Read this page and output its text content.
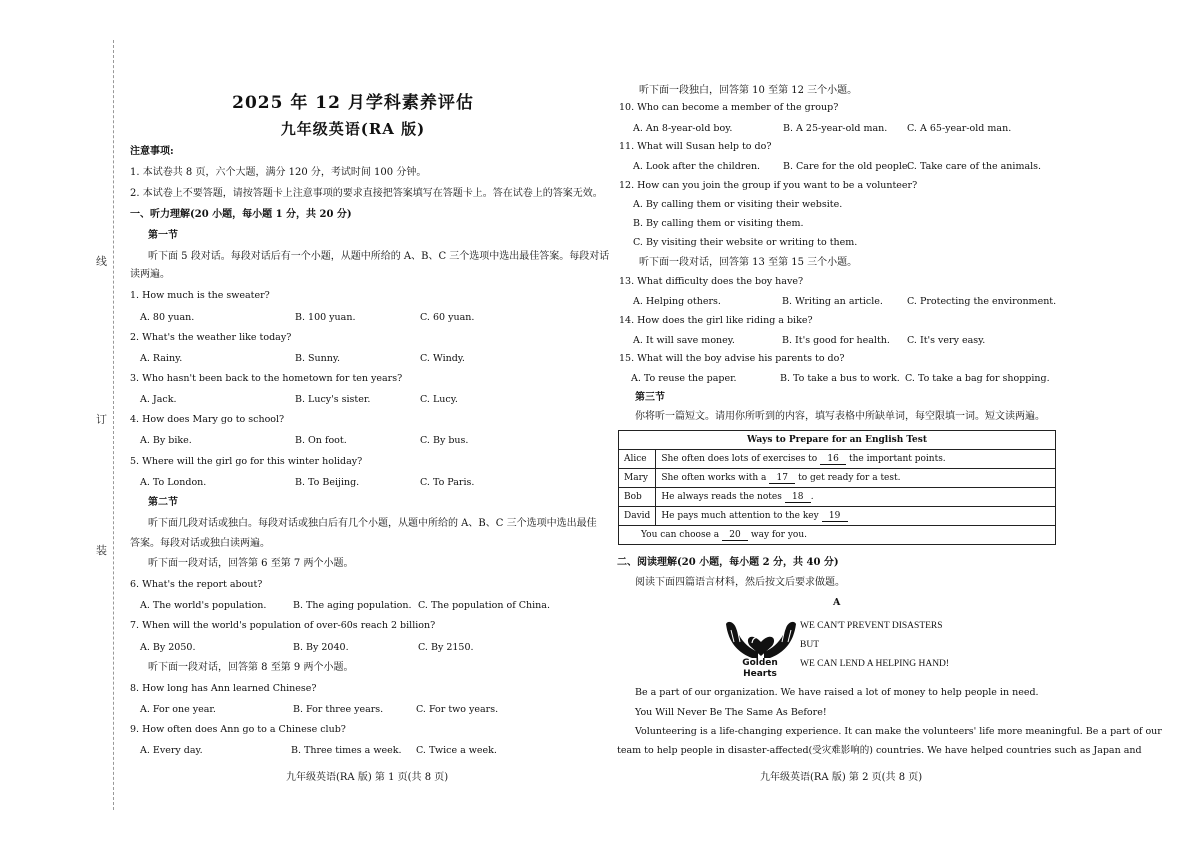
线
订
装
2025 年 12 月学科素养评估
九年级英语(RA 版)
注意事项:
1. 本试卷共 8 页，六个大题，满分 120 分，考试时间 100 分钟。
2. 本试卷上不要答题，请按答题卡上注意事项的要求直接把答案填写在答题卡上。答在试卷上的答案无效。
一、听力理解(20 小题，每小题 1 分，共 20 分)
第一节
听下面 5 段对话。每段对话后有一个小题，从题中所给的 A、B、C 三个选项中选出最佳答案。每段对话
读两遍。
1. How much is the sweater?
A. 80 yuan.	B. 100 yuan.	C. 60 yuan.
2. What's the weather like today?
A. Rainy.	B. Sunny.	C. Windy.
3. Who hasn't been back to the hometown for ten years?
A. Jack.	B. Lucy's sister.	C. Lucy.
4. How does Mary go to school?
A. By bike.	B. On foot.	C. By bus.
5. Where will the girl go for this winter holiday?
A. To London.	B. To Beijing.	C. To Paris.
第二节
听下面几段对话或独白。每段对话或独白后有几个小题，从题中所给的 A、B、C 三个选项中选出最佳
答案。每段对话或独白读两遍。
听下面一段对话，回答第 6 至第 7 两个小题。
6. What's the report about?
A. The world's population.	B. The aging population. C. The population of China.
7. When will the world's population of over-60s reach 2 billion?
A. By 2050.	B. By 2040.	C. By 2150.
听下面一段对话，回答第 8 至第 9 两个小题。
8. How long has Ann learned Chinese?
A. For one year.	B. For three years.	C. For two years.
9. How often does Ann go to a Chinese club?
A. Every day.	B. Three times a week. C. Twice a week.
九年级英语(RA 版) 第 1 页(共 8 页)
听下面一段独白，回答第 10 至第 12 三个小题。
10. Who can become a member of the group?
A. An 8-year-old boy.	B. A 25-year-old man. C. A 65-year-old man.
11. What will Susan help to do?
A. Look after the children. B. Care for the old people.
C. Take care of the animals.
12. How can you join the group if you want to be a volunteer?
A. By calling them or visiting their website.
B. By calling them or visiting them.
C. By visiting their website or writing to them.
听下面一段对话，回答第 13 至第 15 三个小题。
13. What difficulty does the boy have?
A. Helping others.	B. Writing an article.	C. Protecting the environment.
14. How does the girl like riding a bike?
A. It will save money.	B. It's good for health. C. It's very easy.
15. What will the boy advise his parents to do?
A. To reuse the paper.	B. To take a bus to work. C. To take a bag for shopping.
第三节
你将听一篇短文。请用你所听到的内容，填写表格中所缺单词，每空限填一词。短文读两遍。
二、阅读理解(20 小题，每小题 2 分，共 40 分)
阅读下面四篇语言材料，然后按文后要求做题。
A
Be a part of our organization. We have raised a lot of money to help people in need.
You Will Never Be The Same As Before!
Volunteering is a life-changing experience. It can make the volunteers' life more meaningful. Be a part of our
team to help people in disaster-affected(受灾难影响的) countries. We have helped countries such as Japan and
九年级英语(RA 版) 第 2 页(共 8 页)
Ways to Prepare for an English Test	
Alice	She often does lots of exercises to 16 the important points.
Mary	She often works with a 17 to get ready for a test.
Bob	He always reads the notes 18 .
David	He pays much attention to the key 19
You can choose a 20 way for you.	
Golden
Hearts
WE CAN'T PREVENT DISASTERS
BUT
WE CAN LEND A HELPING HAND!
